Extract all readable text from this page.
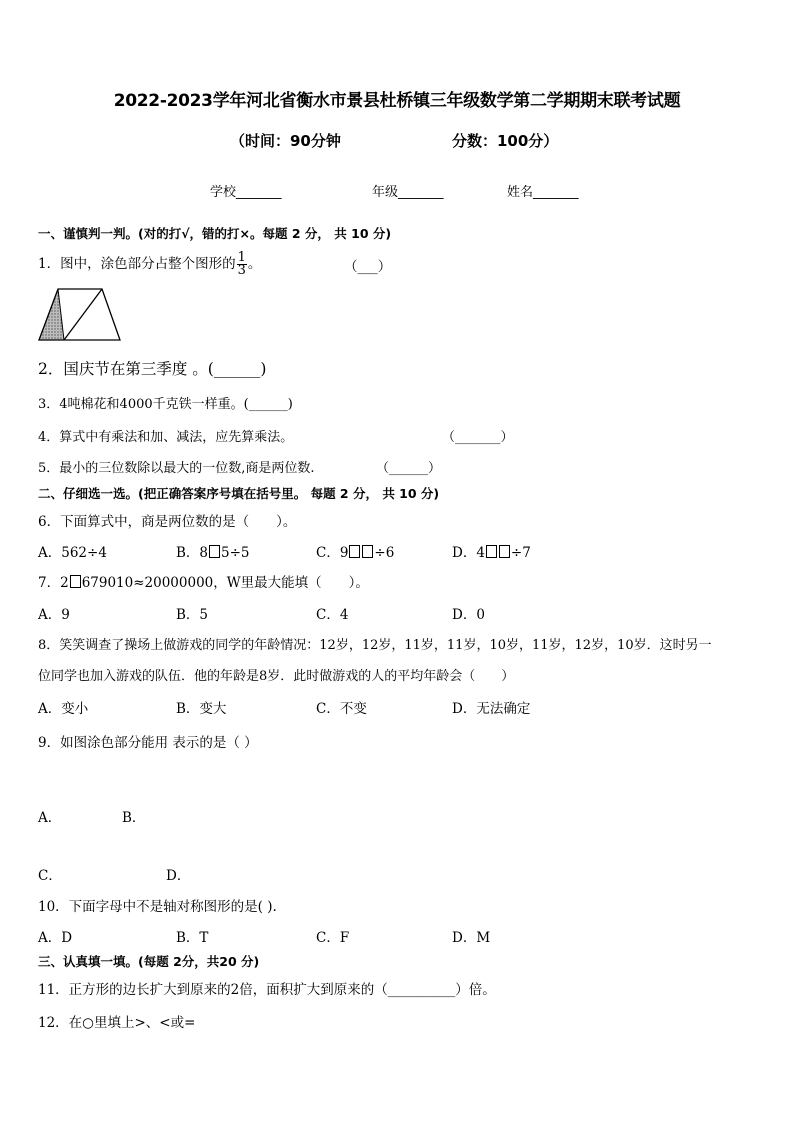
2022-2023学年河北省衡水市景县杜桥镇三年级数学第二学期期末联考试题
（时间：90分钟	分数：100分）
学校_______	年级_______	姓名_______
一、谨慎判一判。(对的打√，错的打×。每题 2 分， 共 10 分)
1．图中，涂色部分占整个图形的 $\frac{1}{3}$ 。	（___）
2．国庆节在第三季度 。(______)
3．4吨棉花和4000千克铁一样重。(______)
4．算式中有乘法和加、减法，应先算乘法。	（_______）
5．最小的三位数除以最大的一位数,商是两位数.	（______）
二、仔细选一选。(把正确答案序号填在括号里。 每题 2 分， 共 10 分)
6．下面算式中，商是两位数的是（　　）。
A．562÷4	B．8 5÷5	C．9 ÷6	D．4 ÷7
7．2 679010≈20000000，W里最大能填（　　）。
A．9	B．5	C．4	D．0
8．笑笑调查了操场上做游戏的同学的年龄情况：12岁，12岁，11岁，11岁，10岁，11岁，12岁，10岁．这时另一
位同学也加入游戏的队伍．他的年龄是8岁．此时做游戏的人的平均年龄会（　　）
A．变小	B．变大	C．不变	D．无法确定
9．如图涂色部分能用 表示的是（ ）
A．	B．
C．	D．
10．下面字母中不是轴对称图形的是( ).
A．D	B．T	C．F	D．M
三、认真填一填。(每题 2分，共20 分)
11．正方形的边长扩大到原来的2倍，面积扩大到原来的（__________）倍。
12．在○里填上>、<或=
